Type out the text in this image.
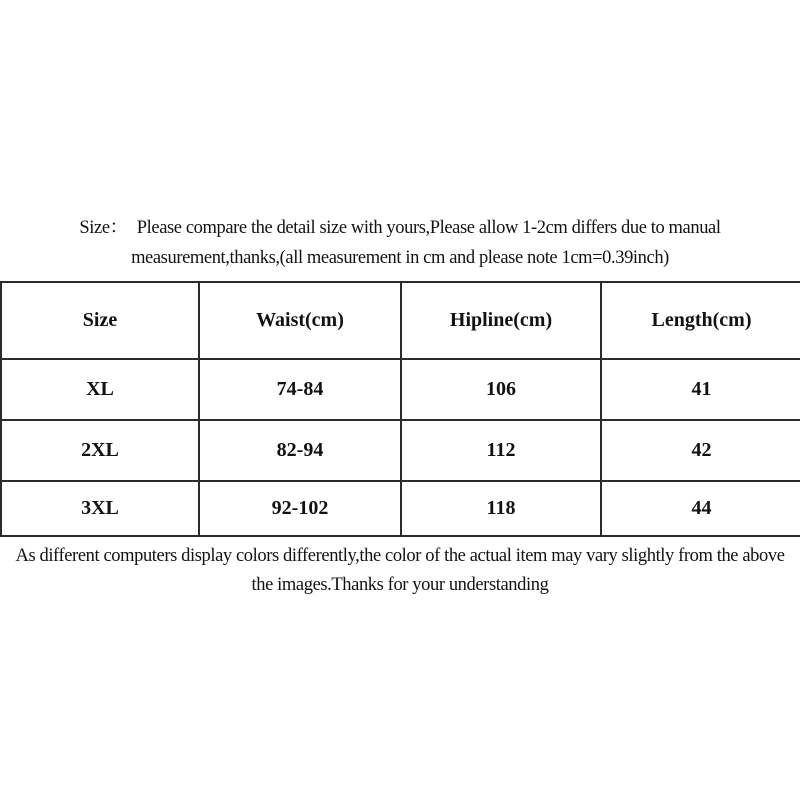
Size： Please compare the detail size with yours,Please allow 1-2cm differs due to manual
measurement,thanks,(all measurement in cm and please note 1cm=0.39inch)
Size	Waist(cm)	Hipline(cm)	Length(cm)
XL	74-84	106	41
2XL	82-94	112	42
3XL	92-102	118	44
As different computers display colors differently,the color of the actual item may vary slightly from the above
the images.Thanks for your understanding
